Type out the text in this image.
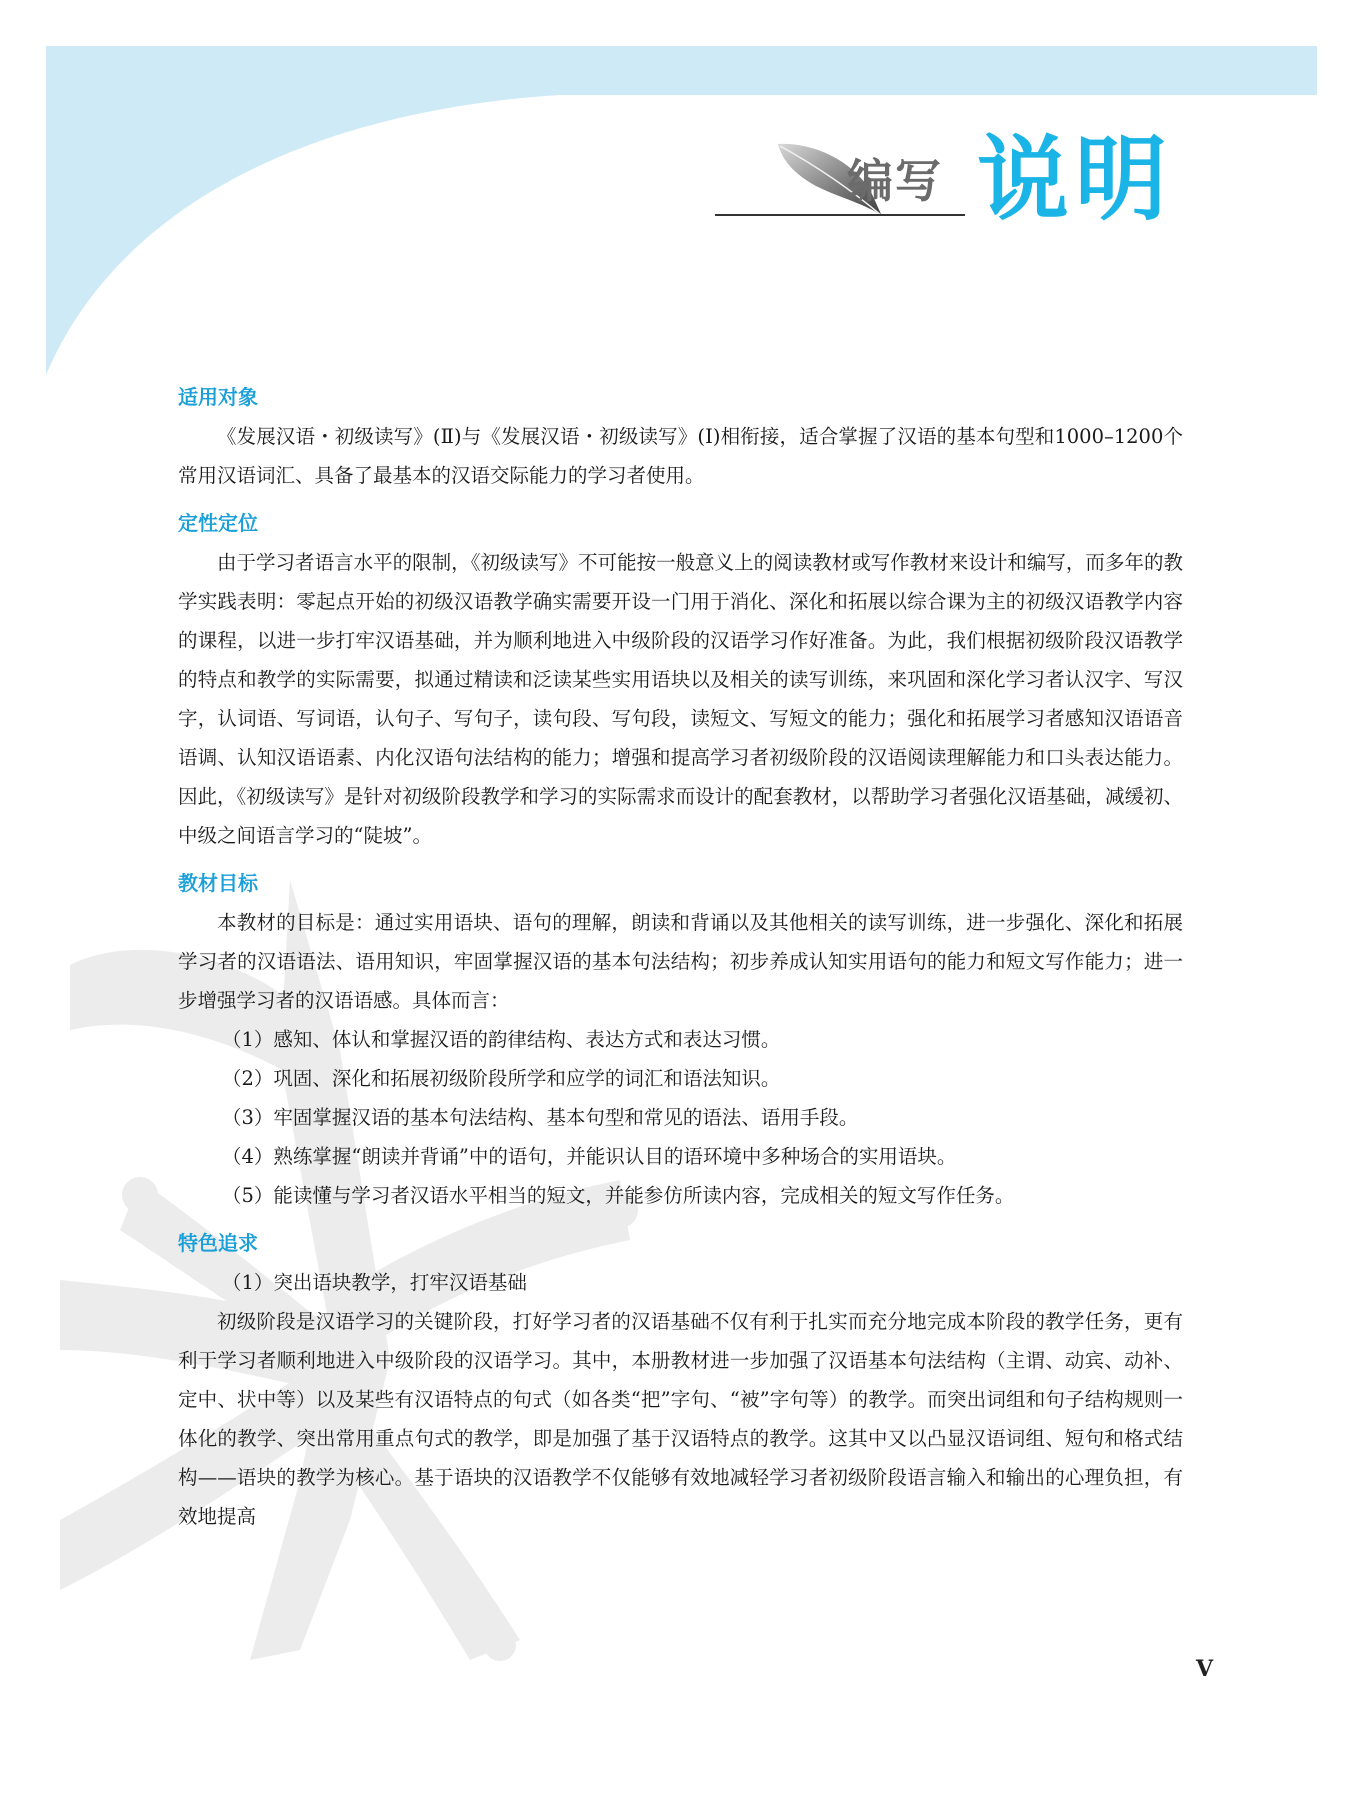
编写 说明
适用对象

《发展汉语・初级读写》(Ⅱ)与《发展汉语・初级读写》(Ⅰ)相衔接，适合掌握了汉语的基本句型和1000–1200个常用汉语词汇、具备了最基本的汉语交际能力的学习者使用。

定性定位

由于学习者语言水平的限制，《初级读写》不可能按一般意义上的阅读教材或写作教材来设计和编写，而多年的教学实践表明：零起点开始的初级汉语教学确实需要开设一门用于消化、深化和拓展以综合课为主的初级汉语教学内容的课程，以进一步打牢汉语基础，并为顺利地进入中级阶段的汉语学习作好准备。为此，我们根据初级阶段汉语教学的特点和教学的实际需要，拟通过精读和泛读某些实用语块以及相关的读写训练，来巩固和深化学习者认汉字、写汉字，认词语、写词语，认句子、写句子，读句段、写句段，读短文、写短文的能力；强化和拓展学习者感知汉语语音语调、认知汉语语素、内化汉语句法结构的能力；增强和提高学习者初级阶段的汉语阅读理解能力和口头表达能力。因此，《初级读写》是针对初级阶段教学和学习的实际需求而设计的配套教材，以帮助学习者强化汉语基础，减缓初、中级之间语言学习的“陡坡”。

教材目标

本教材的目标是：通过实用语块、语句的理解，朗读和背诵以及其他相关的读写训练，进一步强化、深化和拓展学习者的汉语语法、语用知识，牢固掌握汉语的基本句法结构；初步养成认知实用语句的能力和短文写作能力；进一步增强学习者的汉语语感。具体而言：

（1）感知、体认和掌握汉语的韵律结构、表达方式和表达习惯。

（2）巩固、深化和拓展初级阶段所学和应学的词汇和语法知识。

（3）牢固掌握汉语的基本句法结构、基本句型和常见的语法、语用手段。

（4）熟练掌握“朗读并背诵”中的语句，并能识认目的语环境中多种场合的实用语块。

（5）能读懂与学习者汉语水平相当的短文，并能参仿所读内容，完成相关的短文写作任务。

特色追求

（1）突出语块教学，打牢汉语基础

初级阶段是汉语学习的关键阶段，打好学习者的汉语基础不仅有利于扎实而充分地完成本阶段的教学任务，更有利于学习者顺利地进入中级阶段的汉语学习。其中，本册教材进一步加强了汉语基本句法结构（主谓、动宾、动补、定中、状中等）以及某些有汉语特点的句式（如各类“把”字句、“被”字句等）的教学。而突出词组和句子结构规则一体化的教学、突出常用重点句式的教学，即是加强了基于汉语特点的教学。这其中又以凸显汉语词组、短句和格式结构——语块的教学为核心。基于语块的汉语教学不仅能够有效地减轻学习者初级阶段语言输入和输出的心理负担，有效地提高

V
